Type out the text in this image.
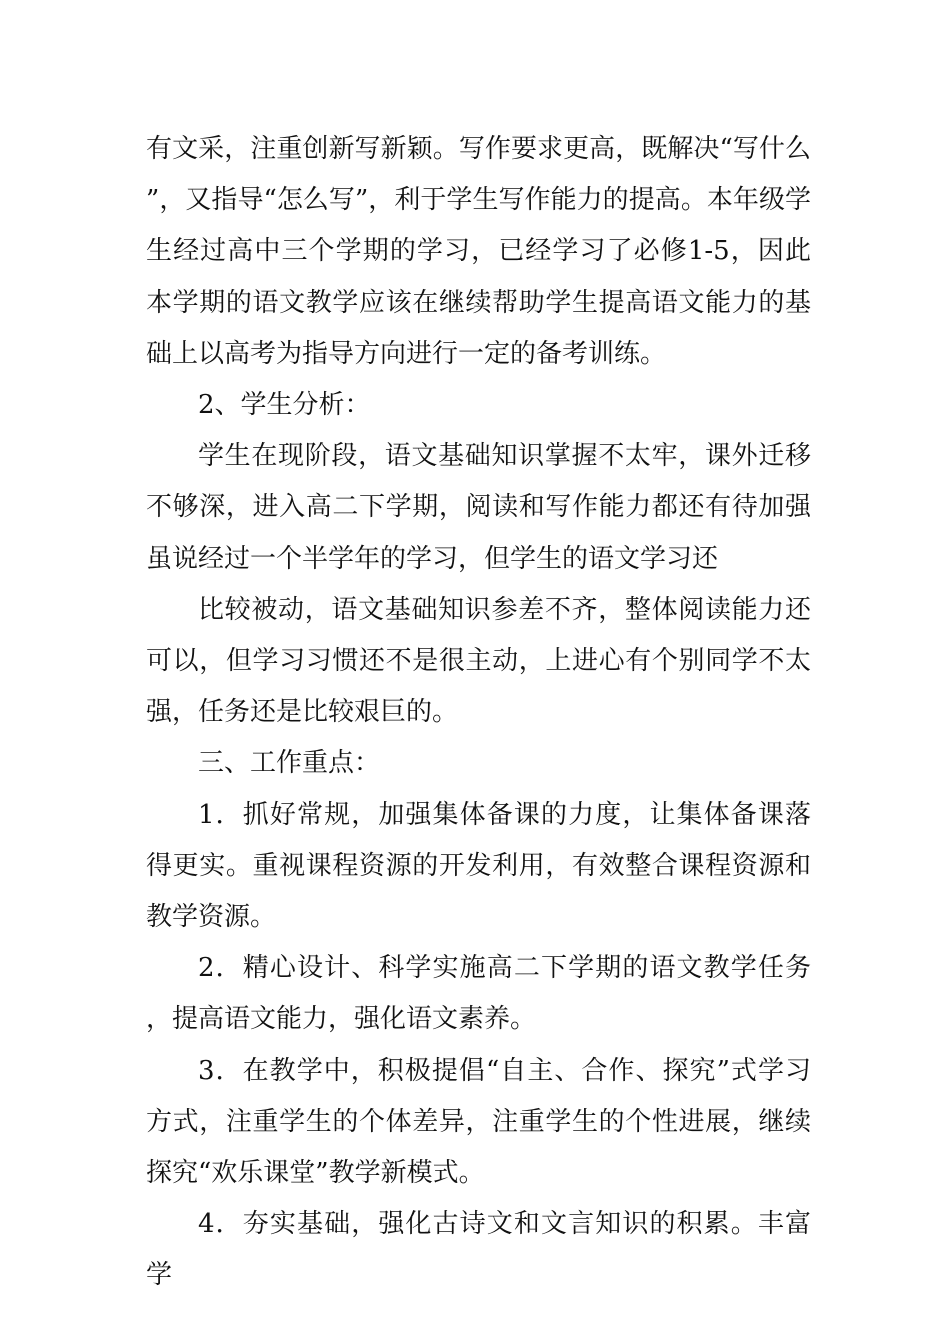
有文采，注重创新写新颖。写作要求更高，既解决“写什么”，又指导“怎么写”，利于学生写作能力的提高。本年级学生经过高中三个学期的学习，已经学习了必修1-5，因此本学期的语文教学应该在继续帮助学生提高语文能力的基础上以高考为指导方向进行一定的备考训练。

2、学生分析：

学生在现阶段，语文基础知识掌握不太牢，课外迁移不够深，进入高二下学期，阅读和写作能力都还有待加强虽说经过一个半学年的学习，但学生的语文学习还

比较被动，语文基础知识参差不齐，整体阅读能力还可以，但学习习惯还不是很主动，上进心有个别同学不太强，任务还是比较艰巨的。

三、工作重点：

1．抓好常规，加强集体备课的力度，让集体备课落得更实。重视课程资源的开发利用，有效整合课程资源和教学资源。

2．精心设计、科学实施高二下学期的语文教学任务，提高语文能力，强化语文素养。

3．在教学中，积极提倡“自主、合作、探究”式学习方式，注重学生的个体差异，注重学生的个性进展，继续探究“欢乐课堂”教学新模式。

4．夯实基础，强化古诗文和文言知识的积累。丰富学
